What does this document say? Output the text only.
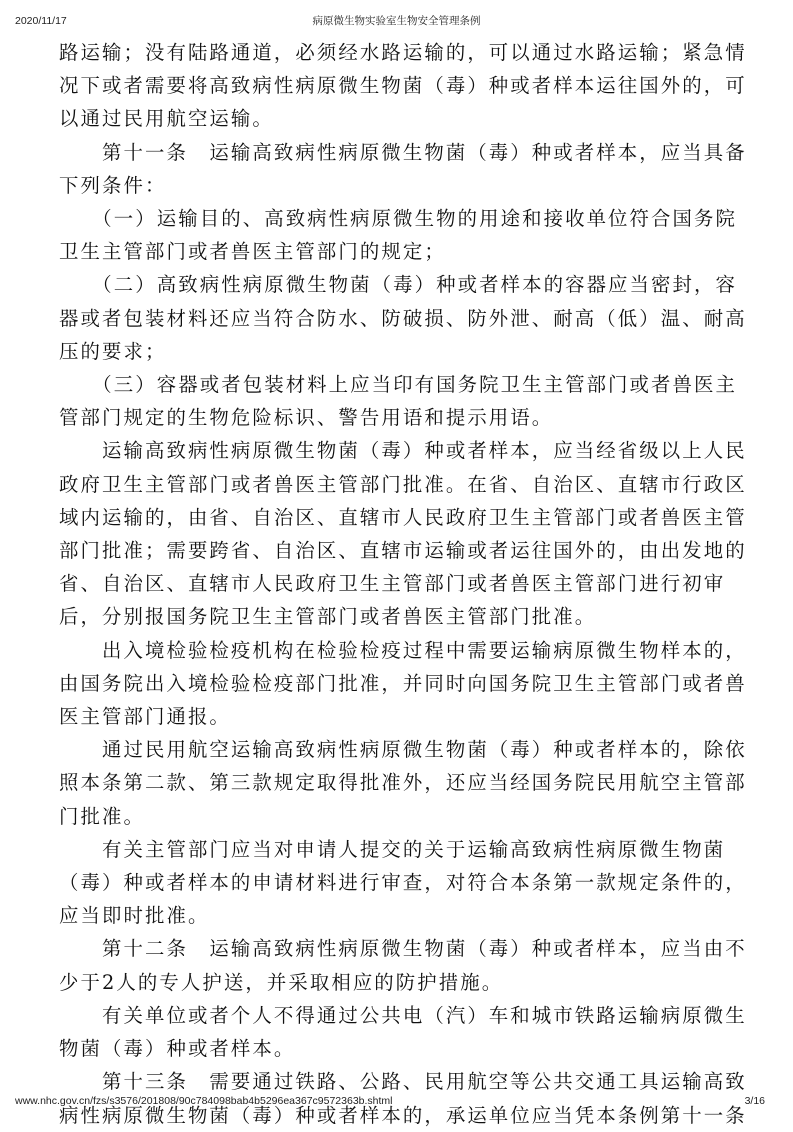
2020/11/17	病原微生物实验室生物安全管理条例

路运输；没有陆路通道，必须经水路运输的，可以通过水路运输；紧急情

况下或者需要将高致病性病原微生物菌（毒）种或者样本运往国外的，可

以通过民用航空运输。

　　第十一条　运输高致病性病原微生物菌（毒）种或者样本，应当具备

下列条件：

　　（一）运输目的、高致病性病原微生物的用途和接收单位符合国务院

卫生主管部门或者兽医主管部门的规定；

　　（二）高致病性病原微生物菌（毒）种或者样本的容器应当密封，容

器或者包装材料还应当符合防水、防破损、防外泄、耐高（低）温、耐高

压的要求；

　　（三）容器或者包装材料上应当印有国务院卫生主管部门或者兽医主

管部门规定的生物危险标识、警告用语和提示用语。

　　运输高致病性病原微生物菌（毒）种或者样本，应当经省级以上人民

政府卫生主管部门或者兽医主管部门批准。在省、自治区、直辖市行政区

域内运输的，由省、自治区、直辖市人民政府卫生主管部门或者兽医主管

部门批准；需要跨省、自治区、直辖市运输或者运往国外的，由出发地的

省、自治区、直辖市人民政府卫生主管部门或者兽医主管部门进行初审

后，分别报国务院卫生主管部门或者兽医主管部门批准。

　　出入境检验检疫机构在检验检疫过程中需要运输病原微生物样本的，

由国务院出入境检验检疫部门批准，并同时向国务院卫生主管部门或者兽

医主管部门通报。

　　通过民用航空运输高致病性病原微生物菌（毒）种或者样本的，除依

照本条第二款、第三款规定取得批准外，还应当经国务院民用航空主管部

门批准。

　　有关主管部门应当对申请人提交的关于运输高致病性病原微生物菌

（毒）种或者样本的申请材料进行审查，对符合本条第一款规定条件的，

应当即时批准。

　　第十二条　运输高致病性病原微生物菌（毒）种或者样本，应当由不

少于2人的专人护送，并采取相应的防护措施。

　　有关单位或者个人不得通过公共电（汽）车和城市铁路运输病原微生

物菌（毒）种或者样本。

　　第十三条　需要通过铁路、公路、民用航空等公共交通工具运输高致

病性病原微生物菌（毒）种或者样本的，承运单位应当凭本条例第十一条

www.nhc.gov.cn/fzs/s3576/201808/90c784098bab4b5296ea367c9572363b.shtml	3/16
